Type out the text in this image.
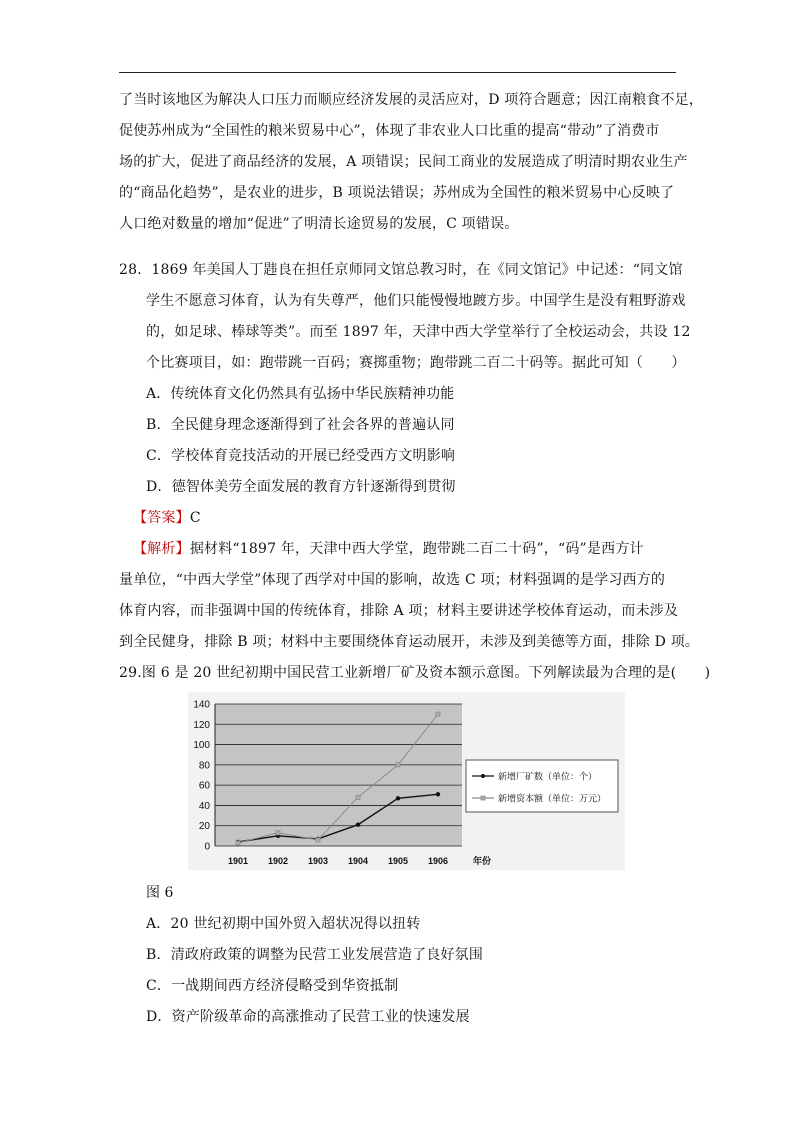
了当时该地区为解决人口压力而顺应经济发展的灵活应对，D 项符合题意；因江南粮食不足，
促使苏州成为“全国性的粮米贸易中心”，体现了非农业人口比重的提高“带动”了消费市
场的扩大，促进了商品经济的发展，A 项错误；民间工商业的发展造成了明清时期农业生产
的“商品化趋势”，是农业的进步，B 项说法错误；苏州成为全国性的粮米贸易中心反映了
人口绝对数量的增加“促进”了明清长途贸易的发展，C 项错误。
28．1869 年美国人丁韪良在担任京师同文馆总教习时，在《同文馆记》中记述：“同文馆
学生不愿意习体育，认为有失尊严，他们只能慢慢地踱方步。中国学生是没有粗野游戏
的，如足球、棒球等类”。而至 1897 年，天津中西大学堂举行了全校运动会，共设 12
个比赛项目，如：跑带跳一百码；赛掷重物；跑带跳二百二十码等。据此可知（　　）
A．传统体育文化仍然具有弘扬中华民族精神功能
B．全民健身理念逐渐得到了社会各界的普遍认同
C．学校体育竞技活动的开展已经受西方文明影响
D．德智体美劳全面发展的教育方针逐渐得到贯彻
【答案】C
【解析】据材料“1897 年，天津中西大学堂，跑带跳二百二十码”，“码”是西方计
量单位，“中西大学堂”体现了西学对中国的影响，故选 C 项；材料强调的是学习西方的
体育内容，而非强调中国的传统体育，排除 A 项；材料主要讲述学校体育运动，而未涉及
到全民健身，排除 B 项；材料中主要围绕体育运动展开，未涉及到美德等方面，排除 D 项。
29.图 6 是 20 世纪初期中国民营工业新增厂矿及资本额示意图。下列解读最为合理的是(　　)
A．20 世纪初期中国外贸入超状况得以扭转
B．清政府政策的调整为民营工业发展营造了良好氛围
C．一战期间西方经济侵略受到华资抵制
D．资产阶级革命的高涨推动了民营工业的快速发展
0
20
40
60
80
100
120
140
1901 1902 1903 1904 1905 1906	年份
新增厂矿数（单位：个）
新增资本额（单位：万元）
图 6
